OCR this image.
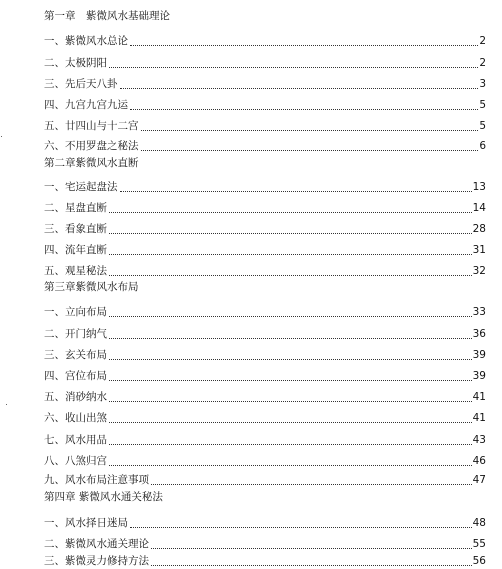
第一章　紫微风水基础理论
一、紫微风水总论	2
二、太极阴阳	2
三、先后天八卦	3
四、九宫九宫九运	5
五、廿四山与十二宫	5
六、不用罗盘之秘法	6
第二章紫微风水直断
一、宅运起盘法	13
二、星盘直断	14
三、看象直断	28
四、流年直断	31
五、观星秘法	32
第三章紫微风水布局
一、立向布局	33
二、开门纳气	36
三、玄关布局	39
四、宫位布局	39
五、消砂纳水	41
六、收山出煞	41
七、风水用品	43
八、八煞归宫	46
九、风水布局注意事项	47
第四章 紫微风水通关秘法
一、风水择日迷局	48
二、紫微风水通关理论	55
三、紫微灵力修持方法	56
